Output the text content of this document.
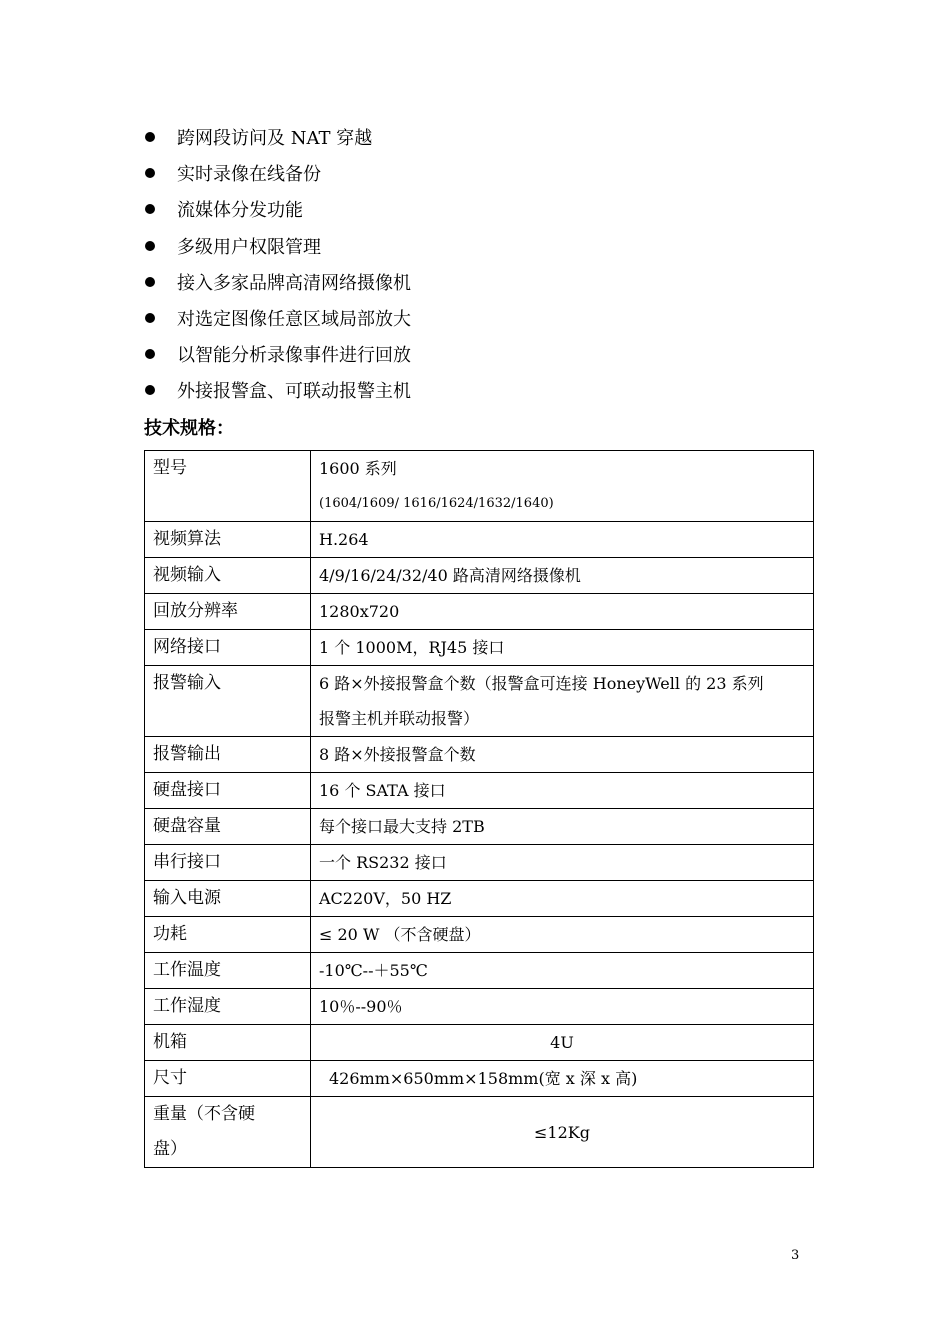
跨网段访问及 NAT 穿越
实时录像在线备份
流媒体分发功能
多级用户权限管理
接入多家品牌高清网络摄像机
对选定图像任意区域局部放大
以智能分析录像事件进行回放
外接报警盒、可联动报警主机
技术规格：
型号	1600 系列
(1604/1609/ 1616/1624/1632/1640)

视频算法	H.264
视频输入	4/9/16/24/32/40 路高清网络摄像机
回放分辨率	1280x720
网络接口	1 个 1000M，RJ45 接口
报警输入	6 路×外接报警盒个数（报警盒可连接 HoneyWell 的 23 系列
报警主机并联动报警）

报警输出	8 路×外接报警盒个数
硬盘接口	16 个 SATA 接口
硬盘容量	每个接口最大支持 2TB
串行接口	一个 RS232 接口
输入电源	AC220V，50 HZ
功耗	≤ 20 W （不含硬盘）
工作温度	-10℃--＋55℃
工作湿度	10％--90％
机箱	4U
尺寸	426mm×650mm×158mm(宽 x 深 x 高)

重量（不含硬
盘）	≤12Kg
3
